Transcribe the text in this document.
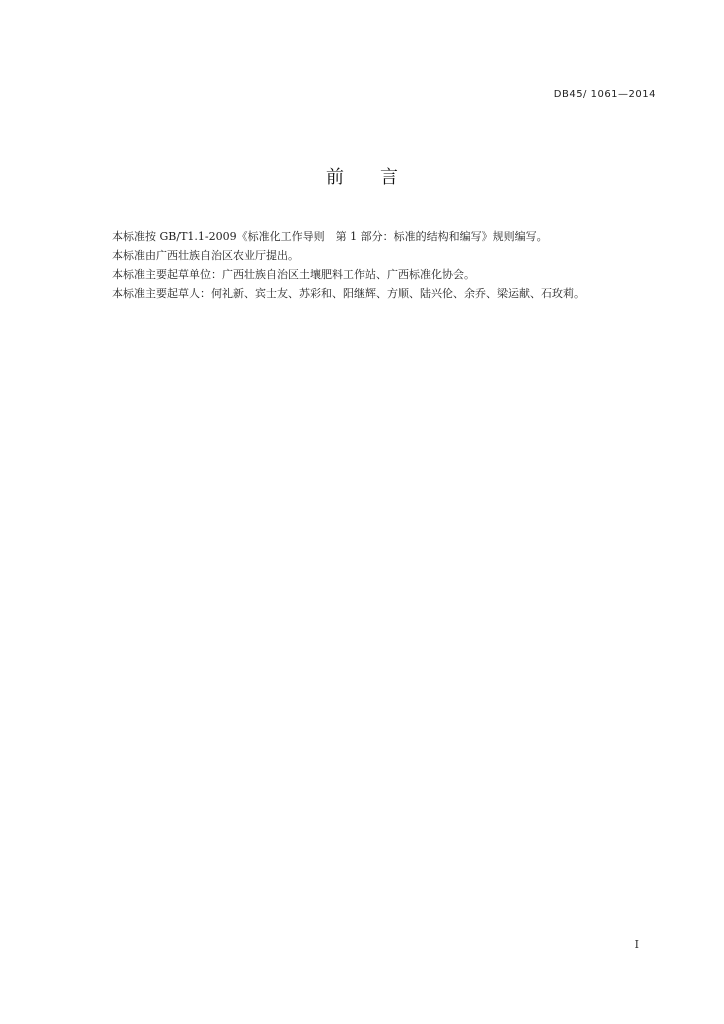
DB45/ 1061—2014
前　　言

本标准按 GB/T1.1-2009《标准化工作导则　第 1 部分：标准的结构和编写》规则编写。

本标准由广西壮族自治区农业厅提出。

本标准主要起草单位：广西壮族自治区土壤肥料工作站、广西标准化协会。

本标准主要起草人：何礼新、宾士友、苏彩和、阳继辉、方顺、陆兴伦、余乔、梁运献、石玫莉。

I
